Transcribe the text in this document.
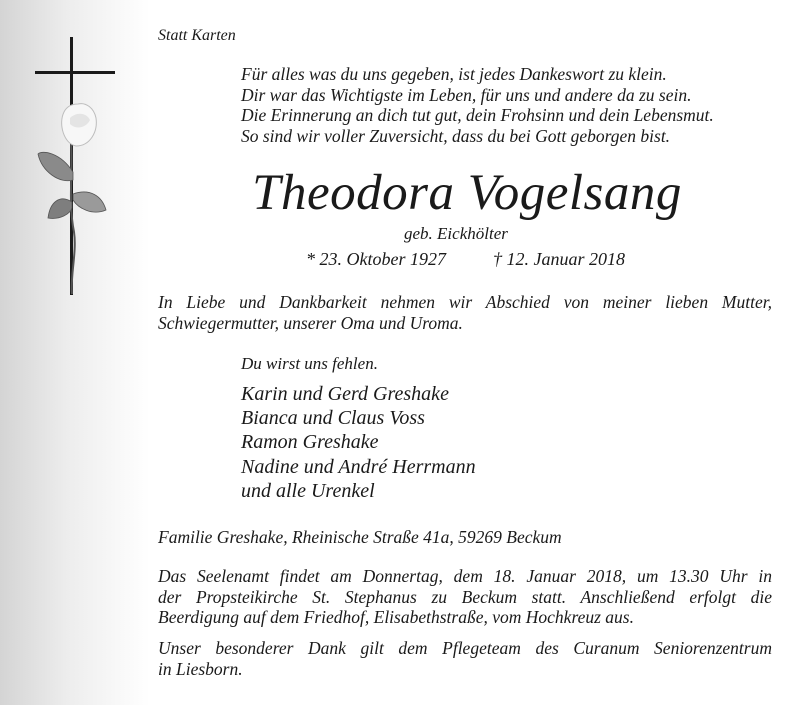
Statt Karten
Für alles was du uns gegeben, ist jedes Dankeswort zu klein.
Dir war das Wichtigste im Leben, für uns und andere da zu sein.
Die Erinnerung an dich tut gut, dein Frohsinn und dein Lebensmut.
So sind wir voller Zuversicht, dass du bei Gott geborgen bist.
Theodora Vogelsang
geb. Eickhölter
* 23. Oktober 1927	† 12. Januar 2018
In Liebe und Dankbarkeit nehmen wir Abschied von meiner lieben Mutter,
Schwiegermutter, unserer Oma und Uroma.
Du wirst uns fehlen.
Karin und Gerd Greshake
Bianca und Claus Voss
Ramon Greshake
Nadine und André Herrmann
und alle Urenkel
Familie Greshake, Rheinische Straße 41a, 59269 Beckum
Das Seelenamt findet am Donnertag, dem 18. Januar 2018, um 13.30 Uhr in
der Propsteikirche St. Stephanus zu Beckum statt. Anschließend erfolgt die
Beerdigung auf dem Friedhof, Elisabethstraße, vom Hochkreuz aus.
Unser besonderer Dank gilt dem Pflegeteam des Curanum Seniorenzentrum
in Liesborn.
